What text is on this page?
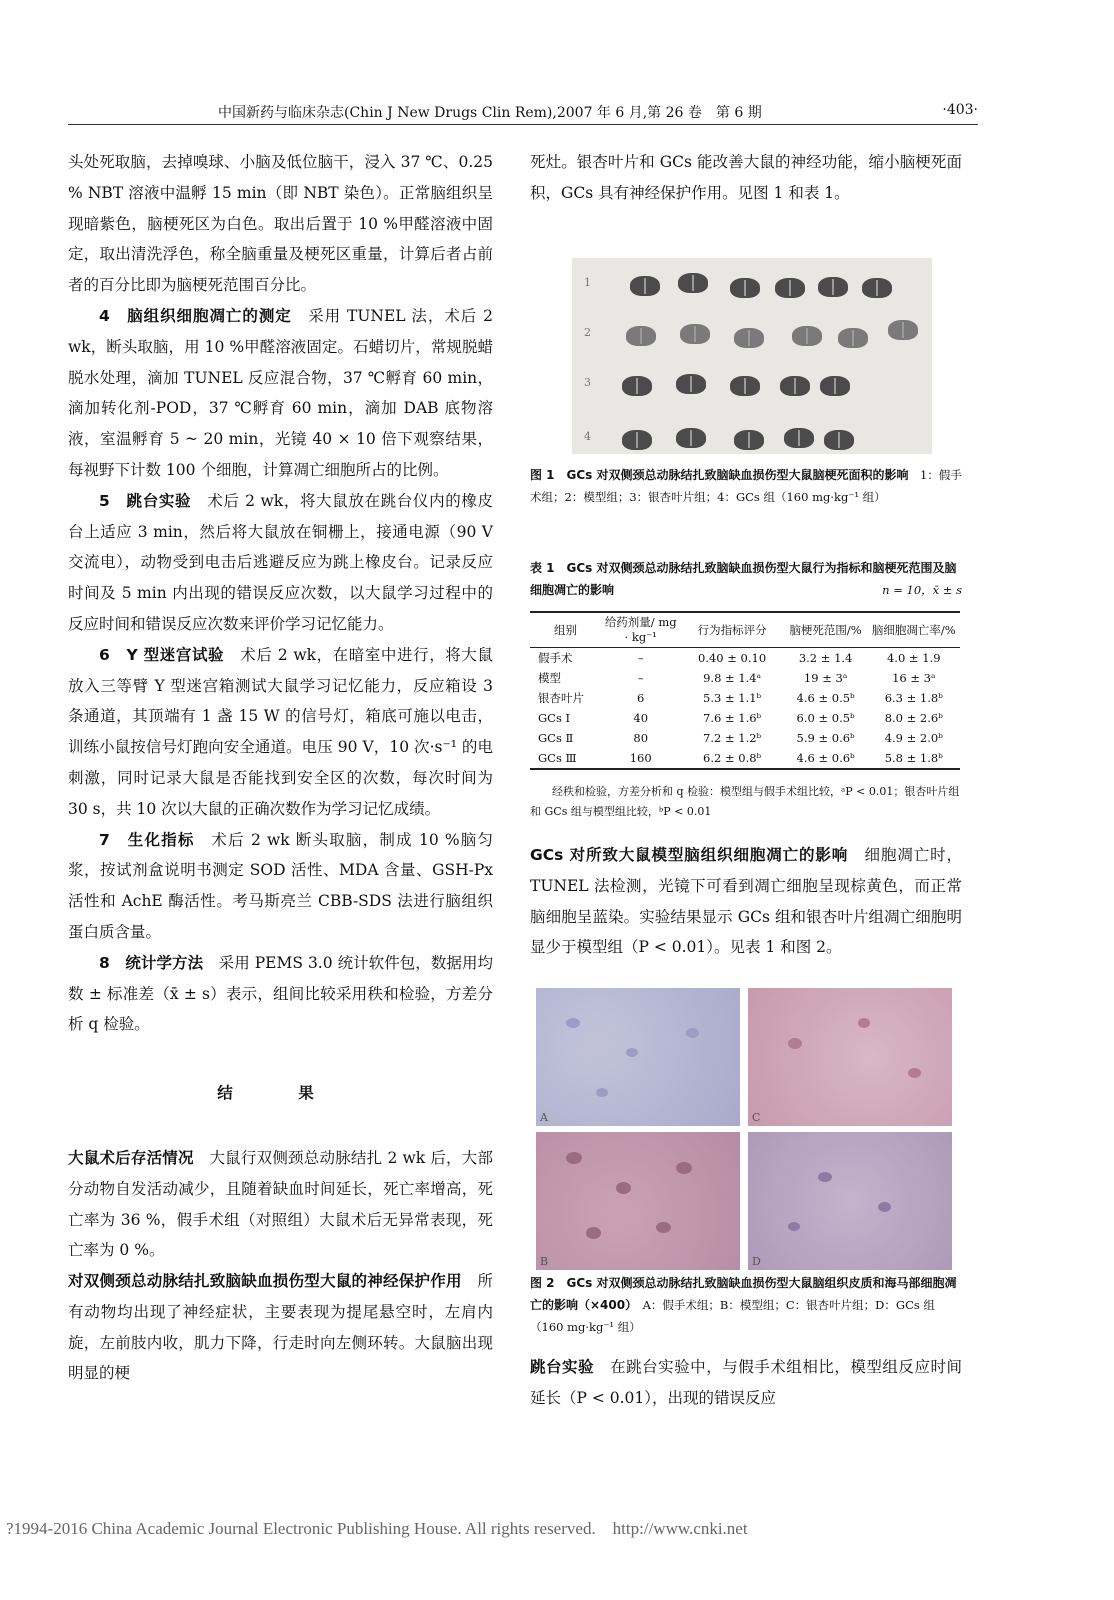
中国新药与临床杂志(Chin J New Drugs Clin Rem),2007 年 6 月,第 26 卷　第 6 期	·403·

头处死取脑，去掉嗅球、小脑及低位脑干，浸入 37 ℃、0.25 % NBT 溶液中温孵 15 min（即 NBT 染色）。正常脑组织呈现暗紫色，脑梗死区为白色。取出后置于 10 %甲醛溶液中固定，取出清洗浮色，称全脑重量及梗死区重量，计算后者占前者的百分比即为脑梗死范围百分比。

4　脑组织细胞凋亡的测定　采用 TUNEL 法，术后 2 wk，断头取脑，用 10 %甲醛溶液固定。石蜡切片，常规脱蜡脱水处理，滴加 TUNEL 反应混合物，37 ℃孵育 60 min，滴加转化剂-POD，37 ℃孵育 60 min，滴加 DAB 底物溶液，室温孵育 5 ~ 20 min，光镜 40 × 10 倍下观察结果，每视野下计数 100 个细胞，计算凋亡细胞所占的比例。

5　跳台实验　术后 2 wk，将大鼠放在跳台仪内的橡皮台上适应 3 min，然后将大鼠放在铜栅上，接通电源（90 V 交流电），动物受到电击后逃避反应为跳上橡皮台。记录反应时间及 5 min 内出现的错误反应次数，以大鼠学习过程中的反应时间和错误反应次数来评价学习记忆能力。

6　Y 型迷宫试验　术后 2 wk，在暗室中进行，将大鼠放入三等臂 Y 型迷宫箱测试大鼠学习记忆能力，反应箱设 3 条通道，其顶端有 1 盏 15 W 的信号灯，箱底可施以电击，训练小鼠按信号灯跑向安全通道。电压 90 V，10 次·s⁻¹ 的电刺激，同时记录大鼠是否能找到安全区的次数，每次时间为 30 s，共 10 次以大鼠的正确次数作为学习记忆成绩。

7　生化指标　术后 2 wk 断头取脑，制成 10 %脑匀浆，按试剂盒说明书测定 SOD 活性、MDA 含量、GSH-Px 活性和 AchE 酶活性。考马斯亮兰 CBB-SDS 法进行脑组织蛋白质含量。

8　统计学方法　采用 PEMS 3.0 统计软件包，数据用均数 ± 标准差（x̄ ± s）表示，组间比较采用秩和检验，方差分析 q 检验。

结 果

大鼠术后存活情况　大鼠行双侧颈总动脉结扎 2 wk 后，大部分动物自发活动减少，且随着缺血时间延长，死亡率增高，死亡率为 36 %，假手术组（对照组）大鼠术后无异常表现，死亡率为 0 %。

对双侧颈总动脉结扎致脑缺血损伤型大鼠的神经保护作用　所有动物均出现了神经症状，主要表现为提尾悬空时，左肩内旋，左前肢内收，肌力下降，行走时向左侧环转。大鼠脑出现明显的梗

死灶。银杏叶片和 GCs 能改善大鼠的神经功能，缩小脑梗死面积，GCs 具有神经保护作用。见图 1 和表 1。

1
2
3
4
图 1　GCs 对双侧颈总动脉结扎致脑缺血损伤型大鼠脑梗死面积的影响　1：假手术组；2：模型组；3：银杏叶片组；4：GCs 组（160 mg·kg⁻¹ 组）
表 1　GCs 对双侧颈总动脉结扎致脑缺血损伤型大鼠行为指标和脑梗死范围及脑细胞凋亡的影响	n = 10，x̄ ± s
组别	给药剂量/ mg · kg⁻¹	行为指标评分	脑梗死范围/%	脑细胞凋亡率/%
假手术	–	0.40 ± 0.10	3.2 ± 1.4	4.0 ± 1.9
模型	–	9.8 ± 1.4ᵃ	19 ± 3ᵃ	16 ± 3ᵃ
银杏叶片	6	5.3 ± 1.1ᵇ	4.6 ± 0.5ᵇ	6.3 ± 1.8ᵇ
GCs Ⅰ	40	7.6 ± 1.6ᵇ	6.0 ± 0.5ᵇ	8.0 ± 2.6ᵇ
GCs Ⅱ	80	7.2 ± 1.2ᵇ	5.9 ± 0.6ᵇ	4.9 ± 2.0ᵇ
GCs Ⅲ	160	6.2 ± 0.8ᵇ	4.6 ± 0.6ᵇ	5.8 ± 1.8ᵇ
经秩和检验，方差分析和 q 检验：模型组与假手术组比较，ᵃP < 0.01；银杏叶片组和 GCs 组与模型组比较，ᵇP < 0.01

GCs 对所致大鼠模型脑组织细胞凋亡的影响　细胞凋亡时，TUNEL 法检测，光镜下可看到凋亡细胞呈现棕黄色，而正常脑细胞呈蓝染。实验结果显示 GCs 组和银杏叶片组凋亡细胞明显少于模型组（P < 0.01）。见表 1 和图 2。

A	C
B	D
图 2　GCs 对双侧颈总动脉结扎致脑缺血损伤型大鼠脑组织皮质和海马部细胞凋亡的影响（×400）　A：假手术组；B：模型组；C：银杏叶片组；D：GCs 组（160 mg·kg⁻¹ 组）

跳台实验　在跳台实验中，与假手术组相比，模型组反应时间延长（P < 0.01），出现的错误反应

?1994-2016 China Academic Journal Electronic Publishing House. All rights reserved.　http://www.cnki.net
